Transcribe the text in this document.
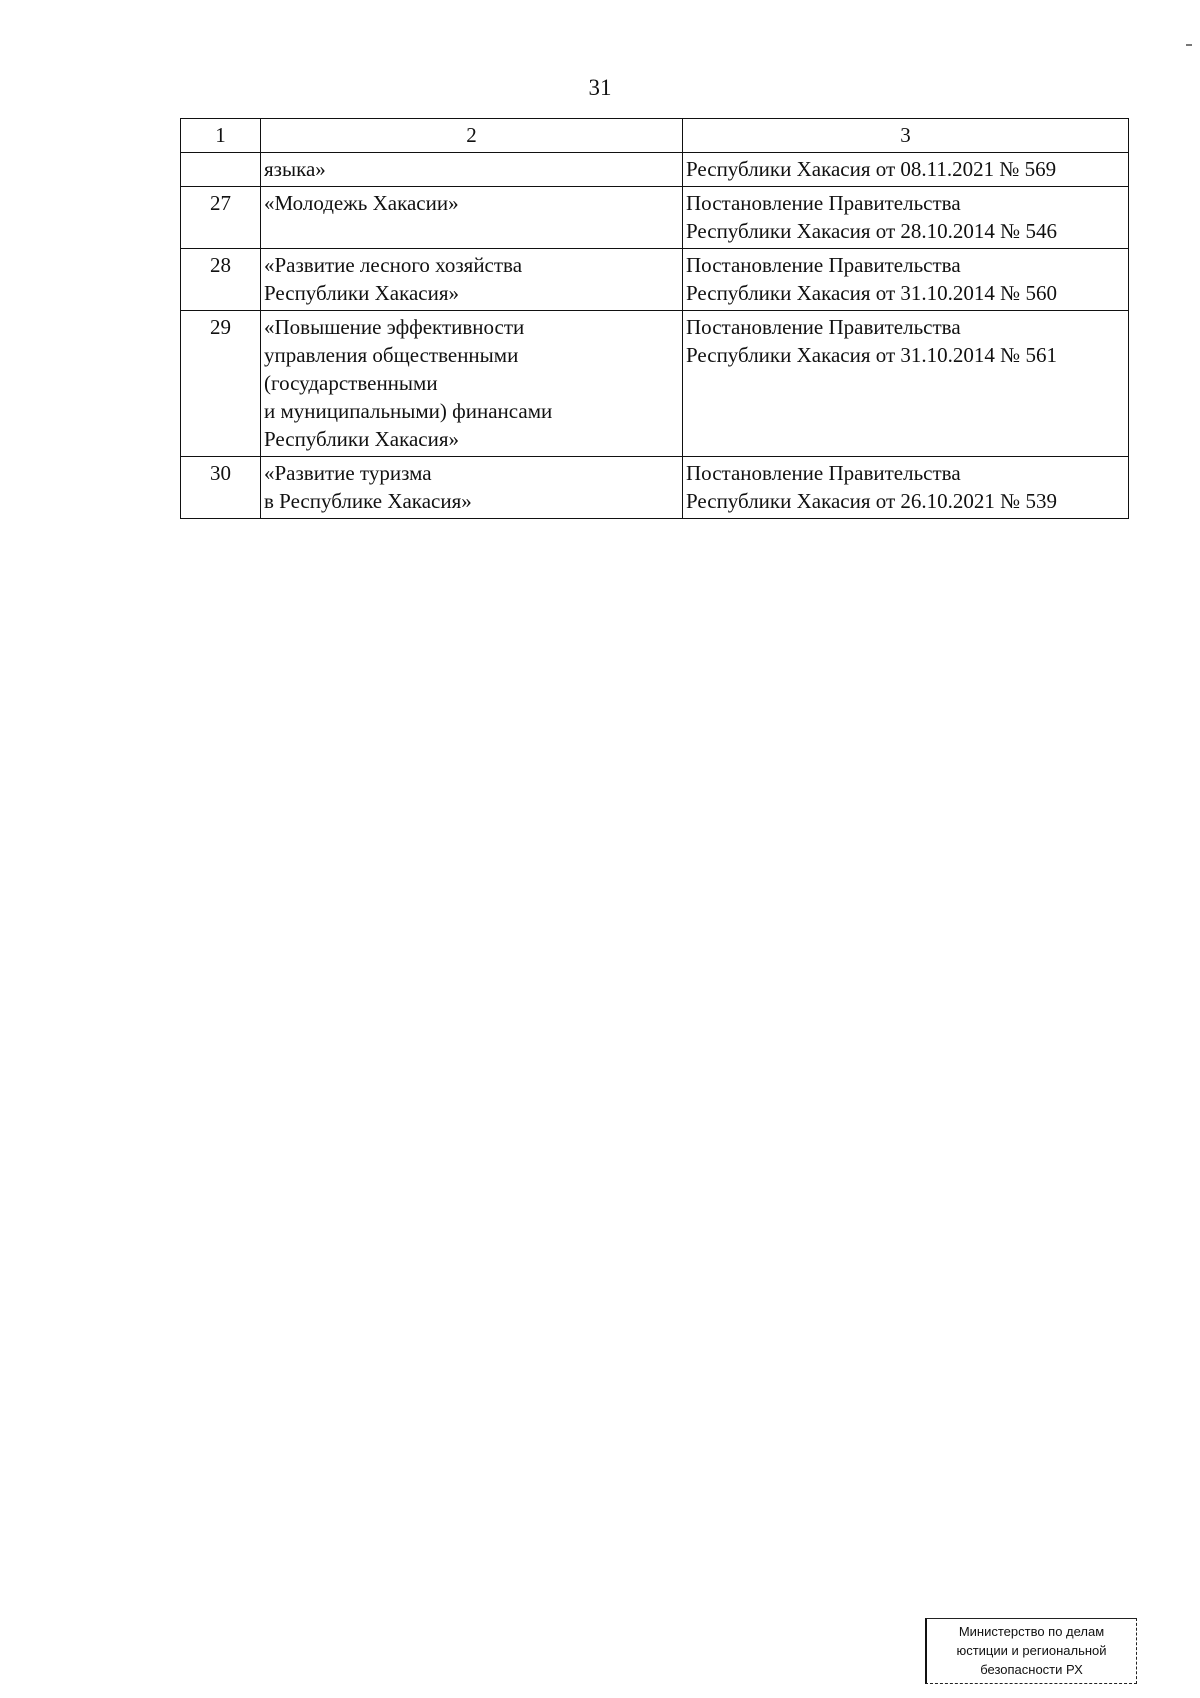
31
1	2	3

	языка»	Республики Хакасия от 08.11.2021 № 569

27	«Молодежь Хакасии»	Постановление Правительства
Республики Хакасия от 28.10.2014 № 546

28	«Развитие лесного хозяйства
Республики Хакасия»	Постановление Правительства
Республики Хакасия от 31.10.2014 № 560

29	«Повышение эффективности
управления общественными
(государственными
и муниципальными) финансами
Республики Хакасия»	Постановление Правительства
Республики Хакасия от 31.10.2014 № 561

30	«Развитие туризма
в Республике Хакасия»	Постановление Правительства
Республики Хакасия от 26.10.2021 № 539
Министерство по делам
юстиции и региональной
безопасности РХ
